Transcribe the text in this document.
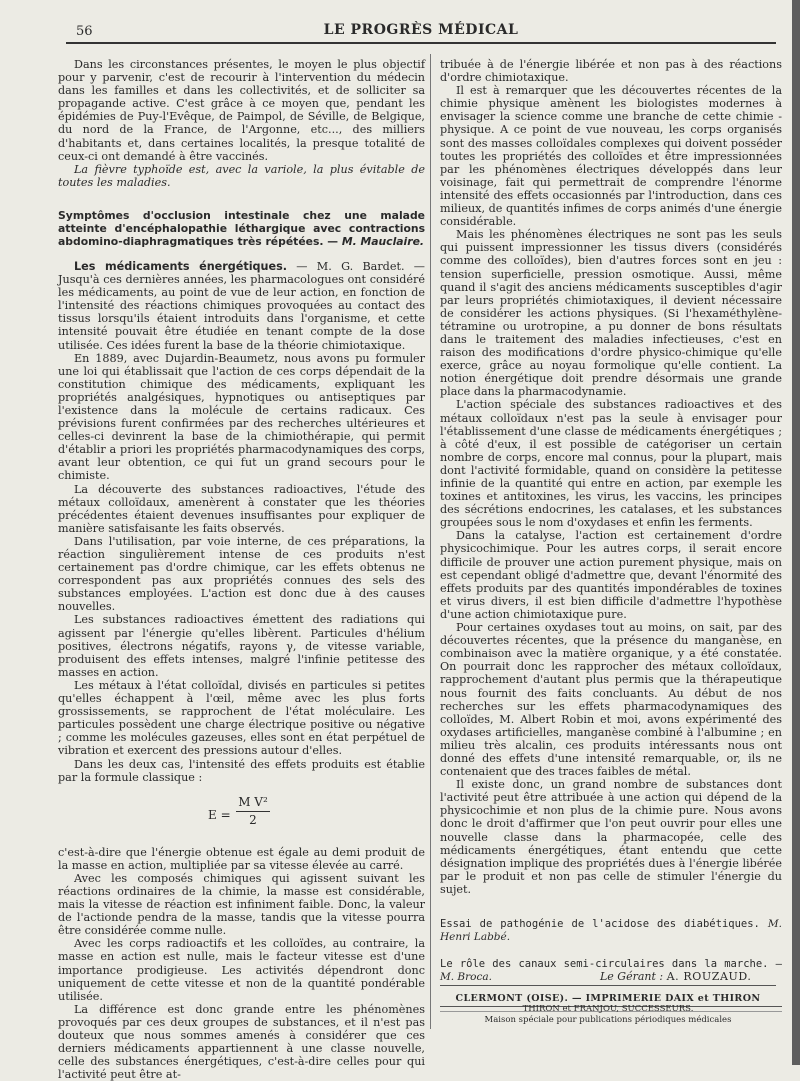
56	LE PROGRÈS MÉDICAL

Dans les circonstances présentes, le moyen le plus objectif pour y parvenir, c'est de recourir à l'intervention du médecin dans les familles et dans les collectivités, et de solliciter sa propagande active. C'est grâce à ce moyen que, pendant les épidémies de Puy-l'Evêque, de Paimpol, de Séville, de Belgique, du nord de la France, de l'Argonne, etc..., des milliers d'habitants et, dans certaines localités, la presque totalité de ceux-ci ont demandé à être vaccinés.

La fièvre typhoïde est, avec la variole, la plus évitable de toutes les maladies.

Symptômes d'occlusion intestinale chez une malade atteinte d'encéphalopathie léthargique avec contractions abdomino-diaphragmatiques très répétées. — M. Mauclaire.

Les médicaments énergétiques. — M. G. Bardet. — Jusqu'à ces dernières années, les pharmacologues ont considéré les médicaments, au point de vue de leur action, en fonction de l'intensité des réactions chimiques provoquées au contact des tissus lorsqu'ils étaient introduits dans l'organisme, et cette intensité pouvait être étudiée en tenant compte de la dose utilisée. Ces idées furent la base de la théorie chimiotaxique.

En 1889, avec Dujardin-Beaumetz, nous avons pu formuler une loi qui établissait que l'action de ces corps dépendait de la constitution chimique des médicaments, expliquant les propriétés analgésiques, hypnotiques ou antiseptiques par l'existence dans la molécule de certains radicaux. Ces prévisions furent confirmées par des recherches ultérieures et celles-ci devinrent la base de la chimiothérapie, qui permit d'établir a priori les propriétés pharmacodynamiques des corps, avant leur obtention, ce qui fut un grand secours pour le chimiste.

La découverte des substances radioactives, l'étude des métaux colloïdaux, amenèrent à constater que les théories précédentes étaient devenues insuffisantes pour expliquer de manière satisfaisante les faits observés.

Dans l'utilisation, par voie interne, de ces préparations, la réaction singulièrement intense de ces produits n'est certainement pas d'ordre chimique, car les effets obtenus ne correspondent pas aux propriétés connues des sels des substances employées. L'action est donc due à des causes nouvelles.

Les substances radioactives émettent des radiations qui agissent par l'énergie qu'elles libèrent. Particules d'hélium positives, électrons négatifs, rayons γ, de vitesse variable, produisent des effets intenses, malgré l'infinie petitesse des masses en action.

Les métaux à l'état colloïdal, divisés en particules si petites qu'elles échappent à l'œil, même avec les plus forts grossissements, se rapprochent de l'état moléculaire. Les particules possèdent une charge électrique positive ou négative ; comme les molécules gazeuses, elles sont en état perpétuel de vibration et exercent des pressions autour d'elles.

Dans les deux cas, l'intensité des effets produits est établie par la formule classique :

$E = \frac{\text{M V²}}{2}$

c'est-à-dire que l'énergie obtenue est égale au demi produit de la masse en action, multipliée par sa vitesse élevée au carré.

Avec les composés chimiques qui agissent suivant les réactions ordinaires de la chimie, la masse est considérable, mais la vitesse de réaction est infiniment faible. Donc, la valeur de l'actionde pendra de la masse, tandis que la vitesse pourra être considérée comme nulle.

Avec les corps radioactifs et les colloïdes, au contraire, la masse en action est nulle, mais le facteur vitesse est d'une importance prodigieuse. Les activités dépendront donc uniquement de cette vitesse et non de la quantité pondérable utilisée.

La différence est donc grande entre les phénomènes provoqués par ces deux groupes de substances, et il n'est pas douteux que nous sommes amenés à considérer que ces derniers médicaments appartiennent à une classe nouvelle, celle des substances énergétiques, c'est-à-dire celles pour qui l'activité peut être at-

tribuée à de l'énergie libérée et non pas à des réactions d'ordre chimiotaxique.

Il est à remarquer que les découvertes récentes de la chimie physique amènent les biologistes modernes à envisager la science comme une branche de cette chimie -physique. A ce point de vue nouveau, les corps organisés sont des masses colloïdales complexes qui doivent posséder toutes les propriétés des colloïdes et être impressionnées par les phénomènes électriques développés dans leur voisinage, fait qui permettrait de comprendre l'énorme intensité des effets occasionnés par l'introduction, dans ces milieux, de quantités infimes de corps animés d'une énergie considérable.

Mais les phénomènes électriques ne sont pas les seuls qui puissent impressionner les tissus divers (considérés comme des colloïdes), bien d'autres forces sont en jeu : tension superficielle, pression osmotique. Aussi, même quand il s'agit des anciens médicaments susceptibles d'agir par leurs propriétés chimiotaxiques, il devient nécessaire de considérer les actions physiques. (Si l'hexaméthylène-tétramine ou urotropine, a pu donner de bons résultats dans le traitement des maladies infectieuses, c'est en raison des modifications d'ordre physico-chimique qu'elle exerce, grâce au noyau formolique qu'elle contient. La notion énergétique doit prendre désormais une grande place dans la pharmacodynamie.

L'action spéciale des substances radioactives et des métaux colloïdaux n'est pas la seule à envisager pour l'établissement d'une classe de médicaments énergétiques ; à côté d'eux, il est possible de catégoriser un certain nombre de corps, encore mal connus, pour la plupart, mais dont l'activité formidable, quand on considère la petitesse infinie de la quantité qui entre en action, par exemple les toxines et antitoxines, les virus, les vaccins, les principes des sécrétions endocrines, les catalases, et les substances groupées sous le nom d'oxydases et enfin les ferments.

Dans la catalyse, l'action est certainement d'ordre physicochimique. Pour les autres corps, il serait encore difficile de prouver une action purement physique, mais on est cependant obligé d'admettre que, devant l'énormité des effets produits par des quantités impondérables de toxines et virus divers, il est bien difficile d'admettre l'hypothèse d'une action chimiotaxique pure.

Pour certaines oxydases tout au moins, on sait, par des découvertes récentes, que la présence du manganèse, en combinaison avec la matière organique, y a été constatée. On pourrait donc les rapprocher des métaux colloïdaux, rapprochement d'autant plus permis que la thérapeutique nous fournit des faits concluants. Au début de nos recherches sur les effets pharmacodynamiques des colloïdes, M. Albert Robin et moi, avons expérimenté des oxydases artificielles, manganèse combiné à l'albumine ; en milieu très alcalin, ces produits intéressants nous ont donné des effets d'une intensité remarquable, or, ils ne contenaient que des traces faibles de métal.

Il existe donc, un grand nombre de substances dont l'activité peut être attribuée à une action qui dépend de la physicochimie et non plus de la chimie pure. Nous avons donc le droit d'affirmer que l'on peut ouvrir pour elles une nouvelle classe dans la pharmacopée, celle des médicaments énergétiques, étant entendu que cette désignation implique des propriétés dues à l'énergie libérée par le produit et non pas celle de stimuler l'énergie du sujet.

Essai de pathogénie de l'acidose des diabétiques. M. Henri Labbé.
Le rôle des canaux semi-circulaires dans la marche. — M. Broca.	Le Gérant : A. ROUZAUD.
CLERMONT (OISE). — IMPRIMERIE DAIX et THIRON
THIRON et FRANJOU, SUCCESSEURS.
Maison spéciale pour publications périodiques médicales
